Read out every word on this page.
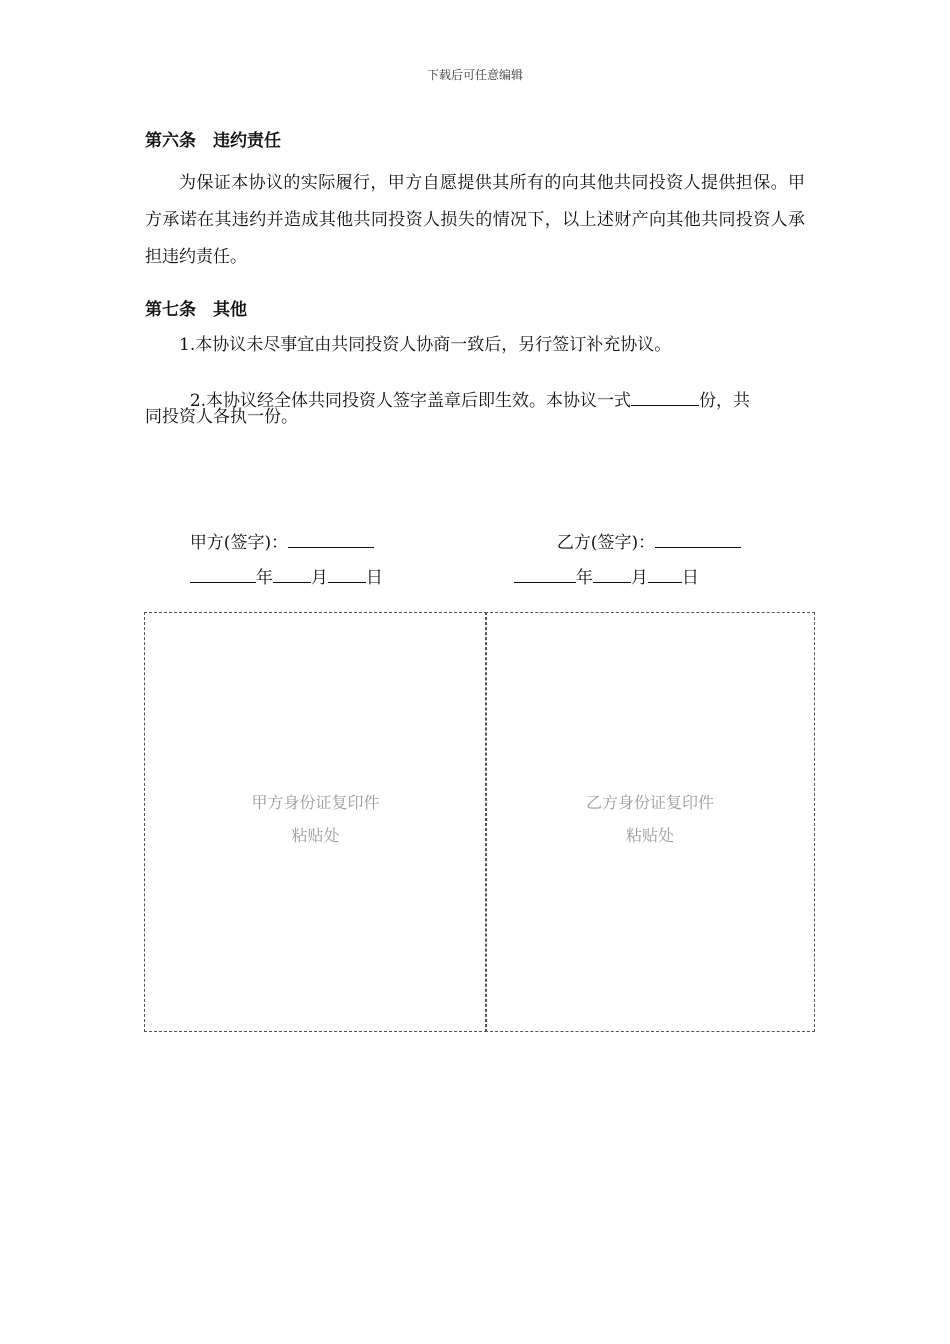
下载后可任意编辑
第六条　违约责任
为保证本协议的实际履行，甲方自愿提供其所有的向其他共同投资人提供担保。甲方承诺在其违约并造成其他共同投资人损失的情况下，以上述财产向其他共同投资人承担违约责任。
第七条　其他
1.本协议未尽事宜由共同投资人协商一致后，另行签订补充协议。

2.本协议经全体共同投资人签字盖章后即生效。本协议一式	份，共

同投资人各执一份。

甲方(签字)：

年 月 日

乙方(签字)：

年 月 日

甲方身份证复印件
粘贴处
乙方身份证复印件
粘贴处
